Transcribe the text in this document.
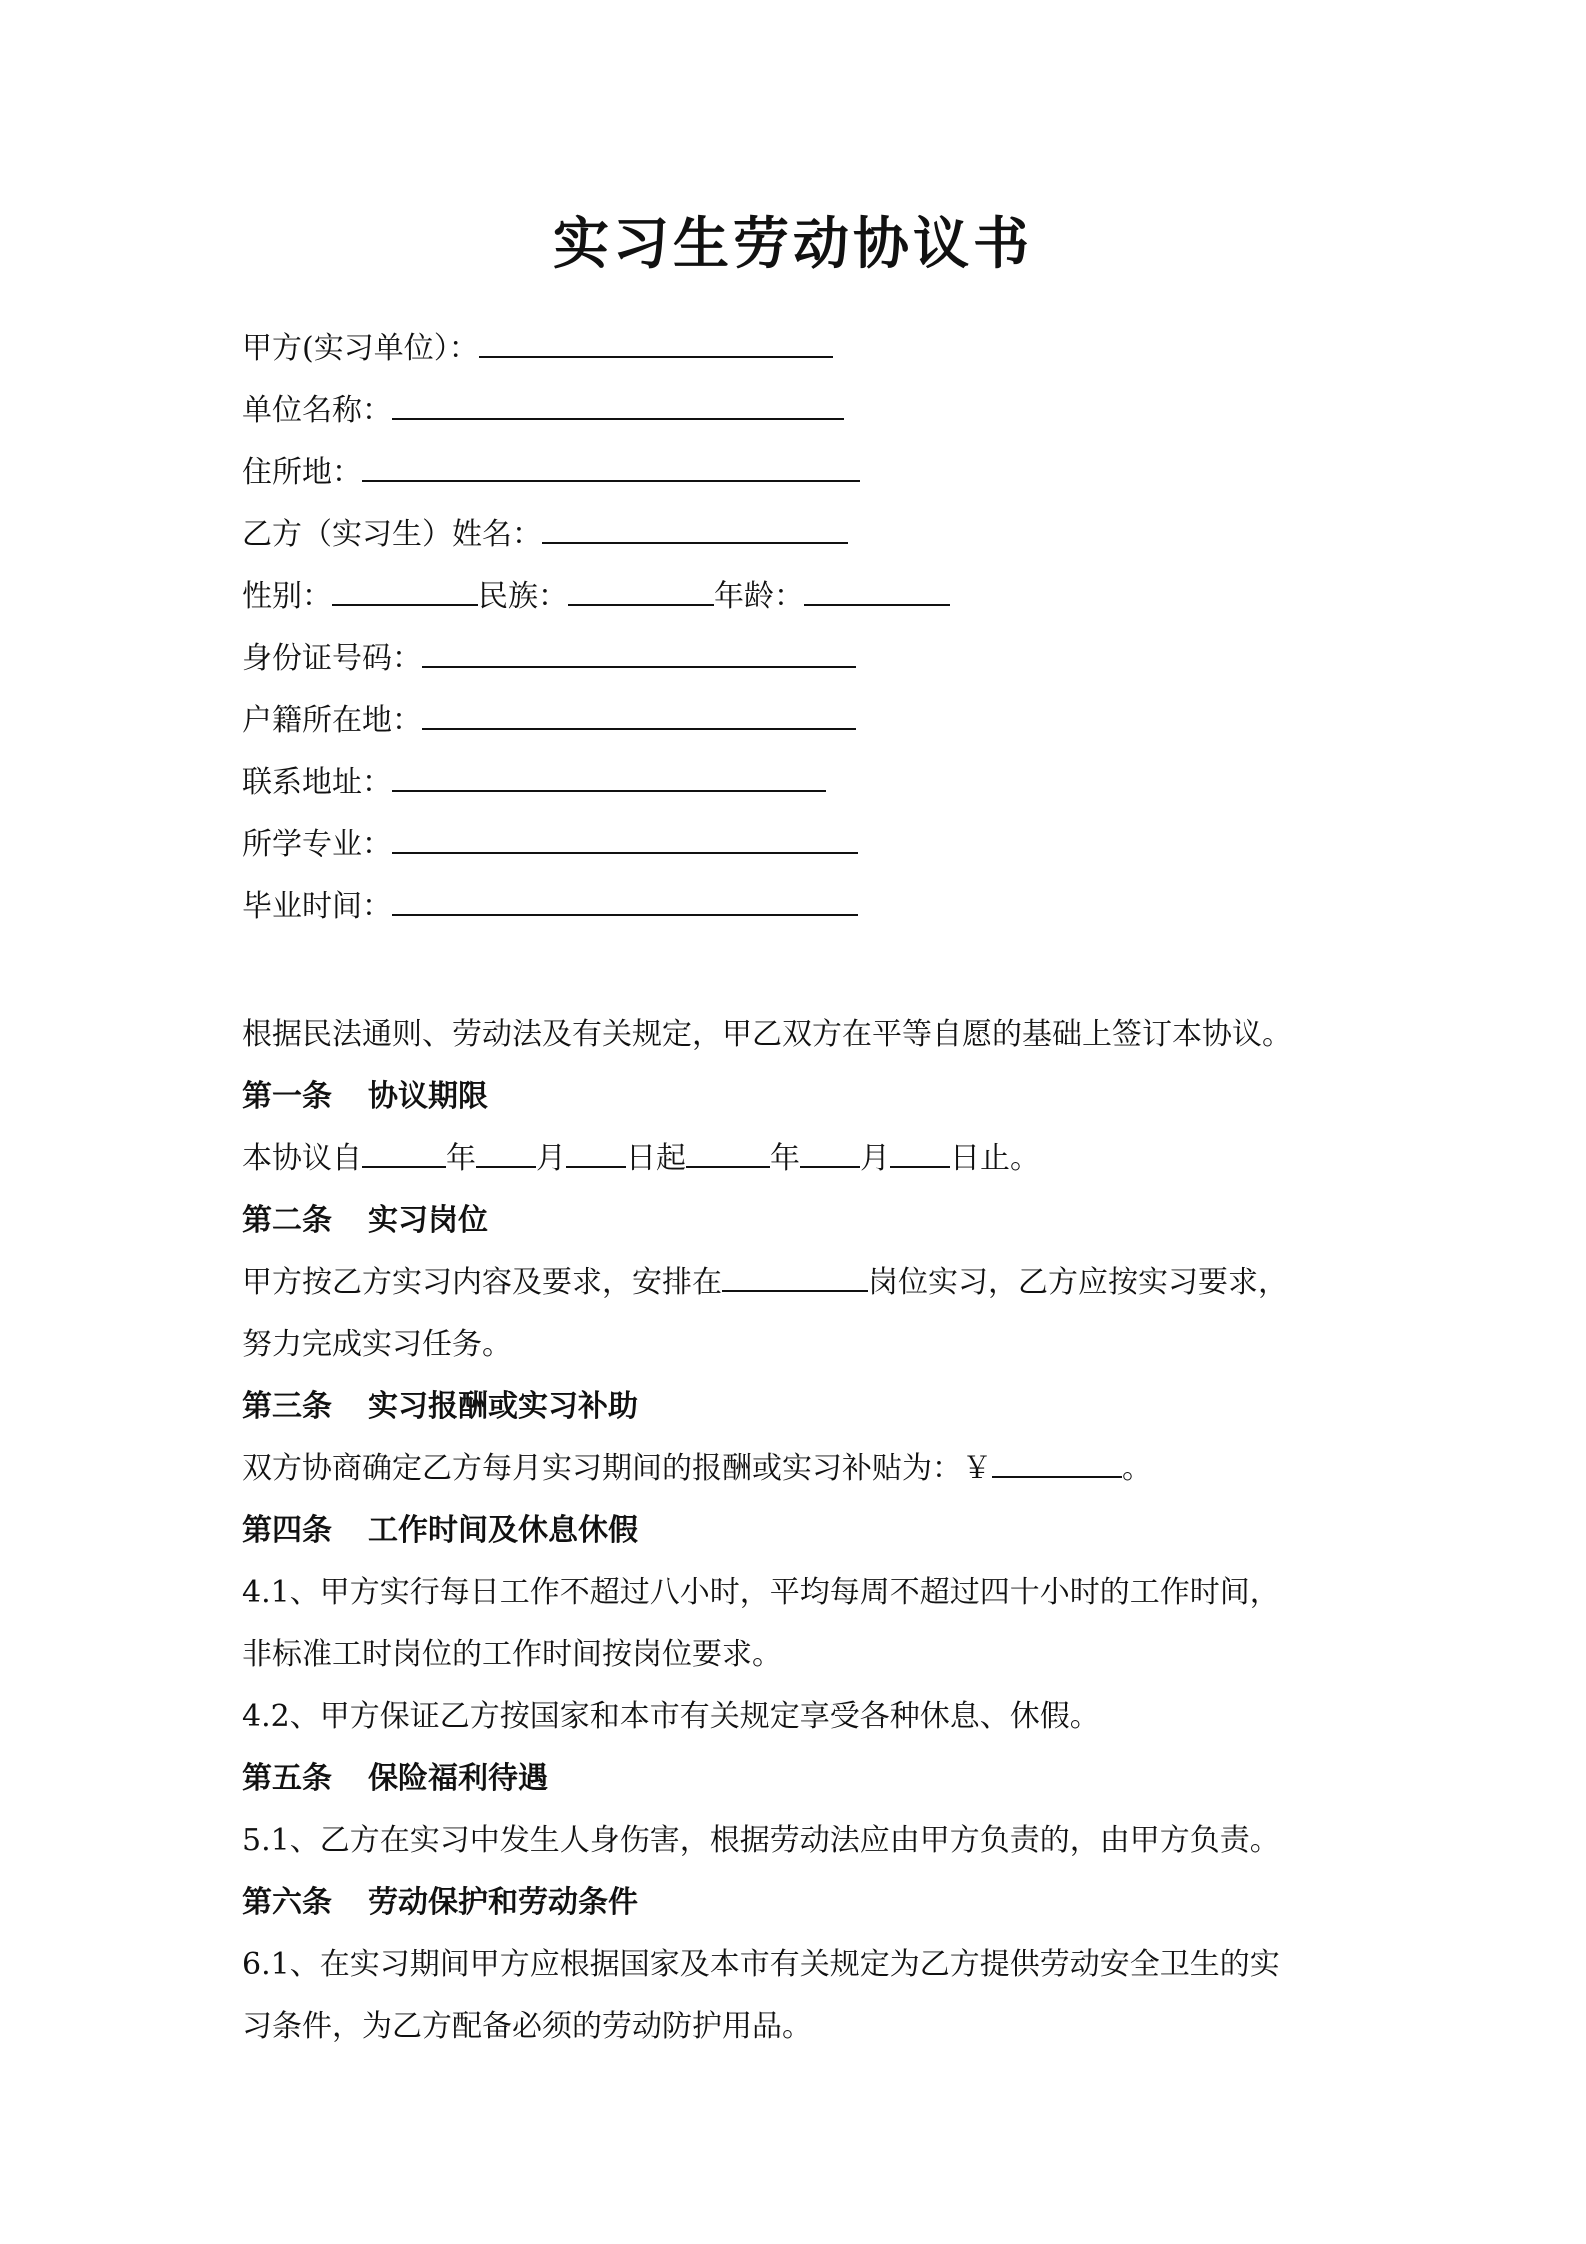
实习生劳动协议书
甲方(实习单位）：
单位名称：
住所地：
乙方（实习生）姓名：
性别：	民族：	年龄：
身份证号码：
户籍所在地：
联系地址：
所学专业：
毕业时间：
根据民法通则、劳动法及有关规定，甲乙双方在平等自愿的基础上签订本协议。
第一条 协议期限
本协议自	年 月 日起	年 月 日止。
第二条 实习岗位
甲方按乙方实习内容及要求，安排在	岗位实习，乙方应按实习要求，
努力完成实习任务。
第三条 实习报酬或实习补助
双方协商确定乙方每月实习期间的报酬或实习补贴为：￥	。
第四条 工作时间及休息休假
4.1、甲方实行每日工作不超过八小时，平均每周不超过四十小时的工作时间，
非标准工时岗位的工作时间按岗位要求。
4.2、甲方保证乙方按国家和本市有关规定享受各种休息、休假。
第五条 保险福利待遇
5.1、乙方在实习中发生人身伤害，根据劳动法应由甲方负责的，由甲方负责。
第六条 劳动保护和劳动条件
6.1、在实习期间甲方应根据国家及本市有关规定为乙方提供劳动安全卫生的实
习条件，为乙方配备必须的劳动防护用品。
